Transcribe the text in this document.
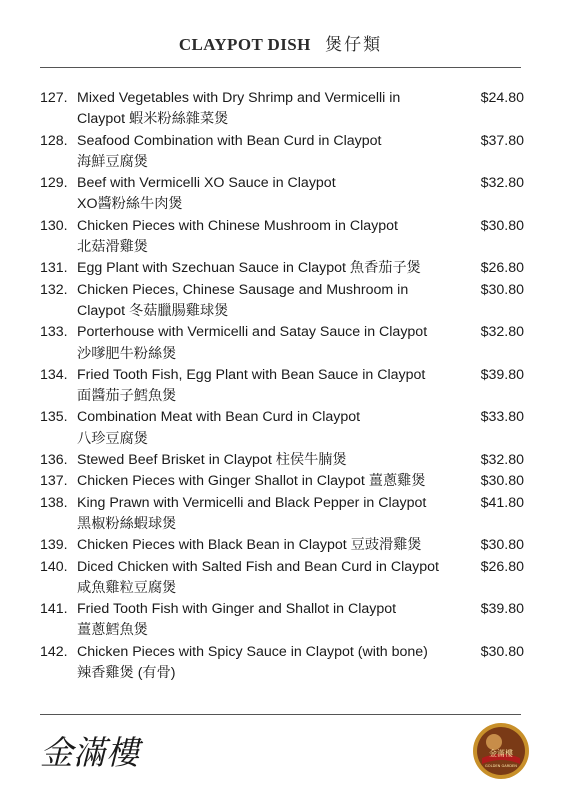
CLAYPOT DISH 煲仔類
127. Mixed Vegetables with Dry Shrimp and Vermicelli in
Claypot 蝦米粉絲雜菜煲
$24.80
128. Seafood Combination with Bean Curd in Claypot
海鮮豆腐煲
$37.80
129. Beef with Vermicelli XO Sauce in Claypot
XO醬粉絲牛肉煲
$32.80
130. Chicken Pieces with Chinese Mushroom in Claypot
北菇滑雞煲
$30.80
131. Egg Plant with Szechuan Sauce in Claypot 魚香茄子煲	$26.80
132. Chicken Pieces, Chinese Sausage and Mushroom in
Claypot 冬菇臘腸雞球煲
$30.80
133. Porterhouse with Vermicelli and Satay Sauce in Claypot
沙嗲肥牛粉絲煲
$32.80
134. Fried Tooth Fish, Egg Plant with Bean Sauce in Claypot
面醬茄子鱈魚煲
$39.80
135. Combination Meat with Bean Curd in Claypot
八珍豆腐煲
$33.80
136. Stewed Beef Brisket in Claypot 柱侯牛腩煲	$32.80
137. Chicken Pieces with Ginger Shallot in Claypot 薑蔥雞煲	$30.80
138. King Prawn with Vermicelli and Black Pepper in Claypot
黑椒粉絲蝦球煲
$41.80
139. Chicken Pieces with Black Bean in Claypot 豆豉滑雞煲	$30.80
140. Diced Chicken with Salted Fish and Bean Curd in Claypot
咸魚雞粒豆腐煲
$26.80
141. Fried Tooth Fish with Ginger and Shallot in Claypot
薑蔥鱈魚煲
$39.80
142. Chicken Pieces with Spicy Sauce in Claypot (with bone)
辣香雞煲 (有骨)
$30.80
金滿樓	金滿樓
GOLDEN GARDEN
